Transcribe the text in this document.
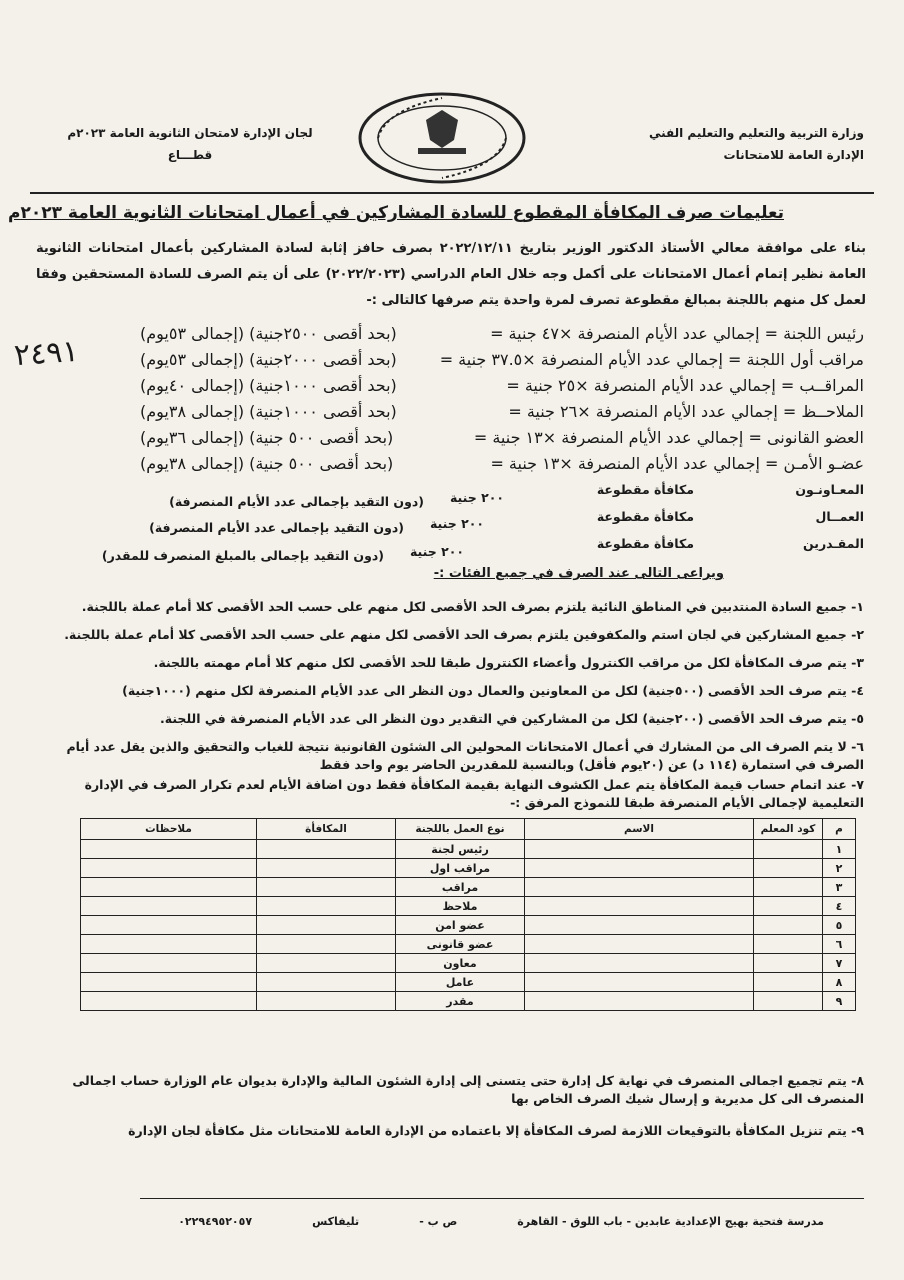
وزارة التربية والتعليم والتعليم الفني
الإدارة العامة للامتحانات
لجان الإدارة لامتحان الثانوية العامة ٢٠٢٣م
قطـــاع
تعليمات صرف المكافأة المقطوع للسادة المشاركين في أعمال امتحانات الثانوية العامة ٢٠٢٣م
بناء على موافقة معالي الأستاذ الدكتور الوزير بتاريخ ٢٠٢٢/١٢/١١ بصرف حافز إثابة لسادة المشاركين بأعمال امتحانات الثانوية العامة نظير إتمام أعمال الامتحانات على أكمل وجه خلال العام الدراسي (٢٠٢٢/٢٠٢٣) على أن يتم الصرف للسادة المستحقين وفقا لعمل كل منهم باللجنة بمبالغ مقطوعة تصرف لمرة واحدة يتم صرفها كالتالى :-
٢٤٩١
رئيس اللجنة = إجمالي عدد الأيام المنصرفة ×٤٧ جنية =
(بحد أقصى ٢٥٠٠جنية) (إجمالى ٥٣يوم)
مراقب أول اللجنة = إجمالي عدد الأيام المنصرفة ×٣٧.٥ جنية =
(بحد أقصى ٢٠٠٠جنية) (إجمالى ٥٣يوم)
المراقــب = إجمالي عدد الأيام المنصرفة ×٢٥ جنية =
(بحد أقصى ١٠٠٠جنية) (إجمالى ٤٠يوم)
الملاحــظ = إجمالي عدد الأيام المنصرفة ×٢٦ جنية =
(بحد أقصى ١٠٠٠جنية) (إجمالى ٣٨يوم)
العضو القانونى = إجمالي عدد الأيام المنصرفة ×١٣ جنية =
(بحد أقصى ٥٠٠ جنية) (إجمالى ٣٦يوم)
عضـو الأمـن = إجمالي عدد الأيام المنصرفة ×١٣ جنية =
(بحد أقصى ٥٠٠ جنية) (إجمالى ٣٨يوم)
المعـاونـون
مكافأة مقطوعة
٢٠٠ جنية
(دون التقيد بإجمالى عدد الأيام المنصرفة)
العمــال
مكافأة مقطوعة
٢٠٠ جنية
(دون التقيد بإجمالى عدد الأيام المنصرفة)
المقـدرين
مكافأة مقطوعة
٢٠٠ جنية
(دون التقيد بإجمالى بالمبلغ المنصرف للمقدر)
ويراعى التالى عند الصرف في جميع الفئات :-
١- جميع السادة المنتدبين في المناطق النائية يلتزم بصرف الحد الأقصى لكل منهم على حسب الحد الأقصى كلا أمام عملة باللجنة.
٢- جميع المشاركين في لجان استم والمكفوفين يلتزم بصرف الحد الأقصى لكل منهم على حسب الحد الأقصى كلا أمام عملة باللجنة.
٣- يتم صرف المكافأة لكل من مراقب الكنترول وأعضاء الكنترول طبقا للحد الأقصى لكل منهم كلا أمام مهمته باللجنة.
٤- يتم صرف الحد الأقصى (٥٠٠جنية) لكل من المعاونين والعمال دون النظر الى عدد الأيام المنصرفة لكل منهم (١٠٠٠جنية)
٥- يتم صرف الحد الأقصى (٢٠٠جنية) لكل من المشاركين في التقدير دون النظر الى عدد الأيام المنصرفة في اللجنة.
٦- لا يتم الصرف الى من المشارك في أعمال الامتحانات المحولين الى الشئون القانونية نتيجة للغياب والتحقيق والذين يقل عدد أيام الصرف في استمارة (١١٤ د) عن (٢٠يوم فأقل) وبالنسبة للمقدرين الحاضر يوم واحد فقط
٧- عند اتمام حساب قيمة المكافأة يتم عمل الكشوف النهاية بقيمة المكافأة فقط دون اضافة الأيام لعدم تكرار الصرف في الإدارة التعليمية لإجمالى الأيام المنصرفة طبقا للنموذج المرفق :-
م	كود المعلم	الاسم	نوع العمل باللجنة	المكافأة	ملاحظات
١			رئيس لجنة		
٢			مراقب اول		
٣			مراقب		
٤			ملاحظ		
٥			عضو امن		
٦			عضو قانونى		
٧			معاون		
٨			عامل		
٩			مقدر		
٨- يتم تجميع اجمالى المنصرف في نهاية كل إدارة حتى يتسنى إلى إدارة الشئون المالية والإدارة بديوان عام الوزارة حساب اجمالى المنصرف الى كل مديرية و إرسال شيك الصرف الخاص بها
٩- يتم تنزيل المكافأة بالتوقيعات اللازمة لصرف المكافأة إلا باعتماده من الإدارة العامة للامتحانات مثل مكافأة لجان الإدارة
مدرسة فتحية بهيج الإعدادية عابدين - باب اللوق - القاهرة
ص ب -
تليفاكس
٠٢٢٩٤٩٥٢٠٥٧
